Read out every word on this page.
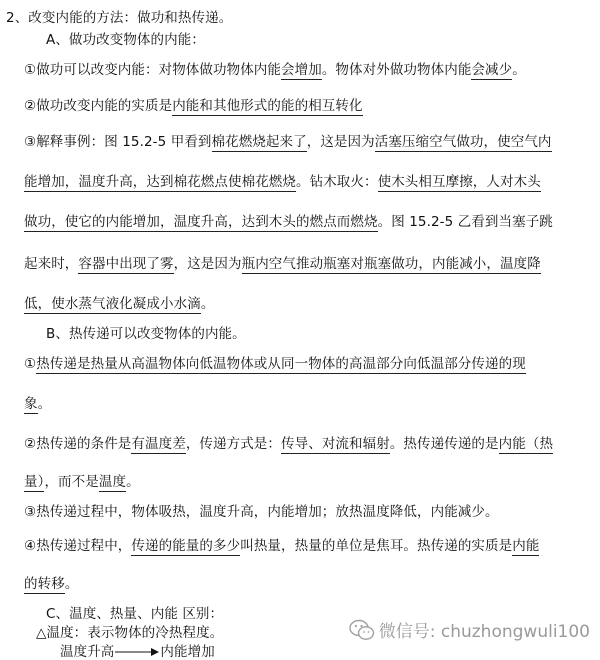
2、改变内能的方法：做功和热传递。
A、做功改变物体的内能：
①做功可以改变内能：对物体做功物体内能会增加。物体对外做功物体内能会减少。
②做功改变内能的实质是内能和其他形式的能的相互转化
③解释事例：图 15.2-5 甲看到棉花燃烧起来了，这是因为活塞压缩空气做功，使空气内
能增加，温度升高，达到棉花燃点使棉花燃烧。钻木取火：使木头相互摩擦，人对木头
做功，使它的内能增加，温度升高，达到木头的燃点而燃烧。图 15.2-5 乙看到当塞子跳
起来时，容器中出现了雾，这是因为瓶内空气推动瓶塞对瓶塞做功，内能减小，温度降
低，使水蒸气液化凝成小水滴。
B、热传递可以改变物体的内能。
①热传递是热量从高温物体向低温物体或从同一物体的高温部分向低温部分传递的现
象。
②热传递的条件是有温度差，传递方式是：传导、对流和辐射。热传递传递的是内能（热
量），而不是温度。
③热传递过程中，物体吸热，温度升高，内能增加；放热温度降低，内能减少。
④热传递过程中，传递的能量的多少叫热量，热量的单位是焦耳。热传递的实质是内能
的转移。
C、温度、热量、内能 区别：
△温度：表示物体的冷热程度。
温度升高	内能增加
微信号: chuzhongwuli100
